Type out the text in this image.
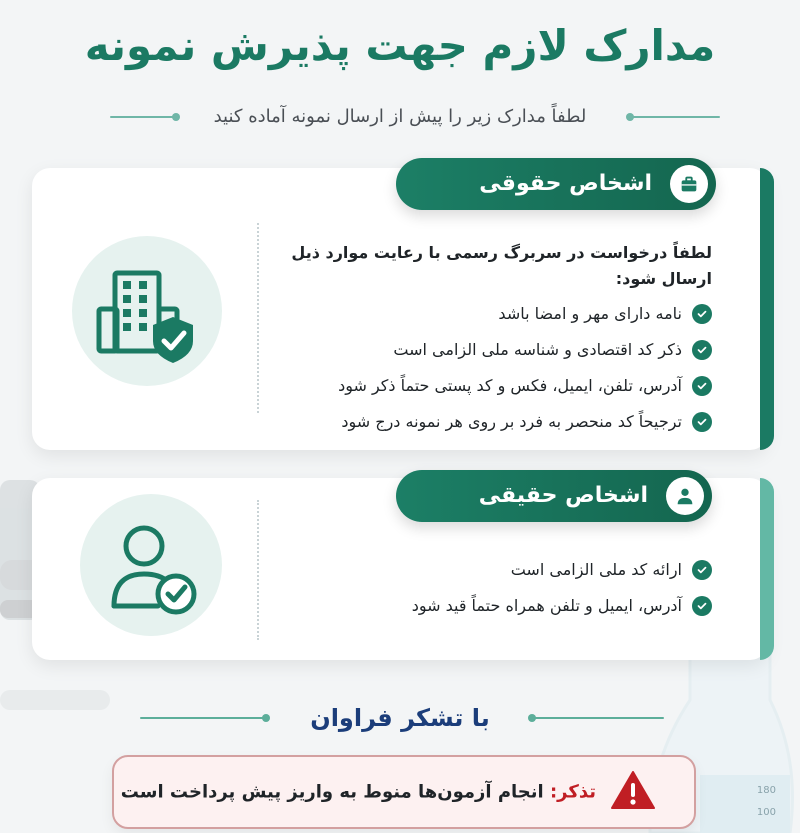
180
100
مدارک لازم جهت پذیرش نمونه
لطفاً مدارک زیر را پیش از ارسال نمونه آماده کنید
اشخاص حقوقی
لطفاً درخواست در سربرگ رسمی با رعایت موارد ذیل ارسال شود:
نامه دارای مهر و امضا باشد
ذکر کد اقتصادی و شناسه ملی الزامی است
آدرس، تلفن، ایمیل، فکس و کد پستی حتماً ذکر شود
ترجیحاً کد منحصر به فرد بر روی هر نمونه درج شود
اشخاص حقیقی
ارائه کد ملی الزامی است
آدرس، ایمیل و تلفن همراه حتماً قید شود
با تشکر فراوان
تذکر: انجام آزمون‌ها منوط به واریز پیش پرداخت است
